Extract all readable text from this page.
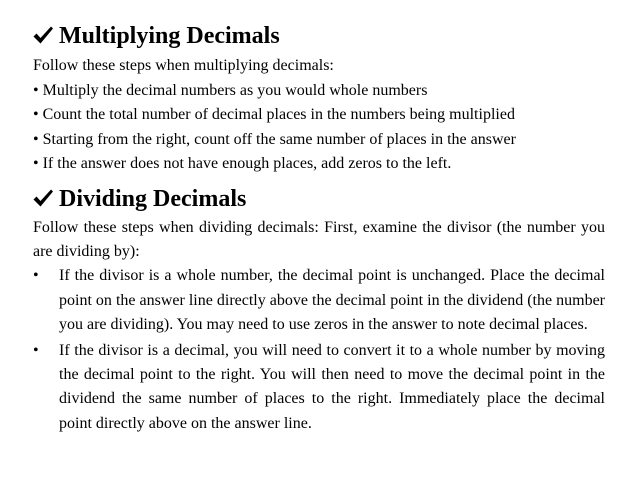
Multiplying Decimals
Follow these steps when multiplying decimals:
• Multiply the decimal numbers as you would whole numbers
• Count the total number of decimal places in the numbers being multiplied
• Starting from the right, count off the same number of places in the answer
• If the answer does not have enough places, add zeros to the left.
Dividing Decimals
Follow these steps when dividing decimals: First, examine the divisor (the number you are dividing by):
•	If the divisor is a whole number, the decimal point is unchanged. Place the decimal point on the answer line directly above the decimal point in the dividend (the number you are dividing). You may need to use zeros in the answer to note decimal places.
•	If the divisor is a decimal, you will need to convert it to a whole number by moving the decimal point to the right. You will then need to move the decimal point in the dividend the same number of places to the right. Immediately place the decimal point directly above on the answer line.
